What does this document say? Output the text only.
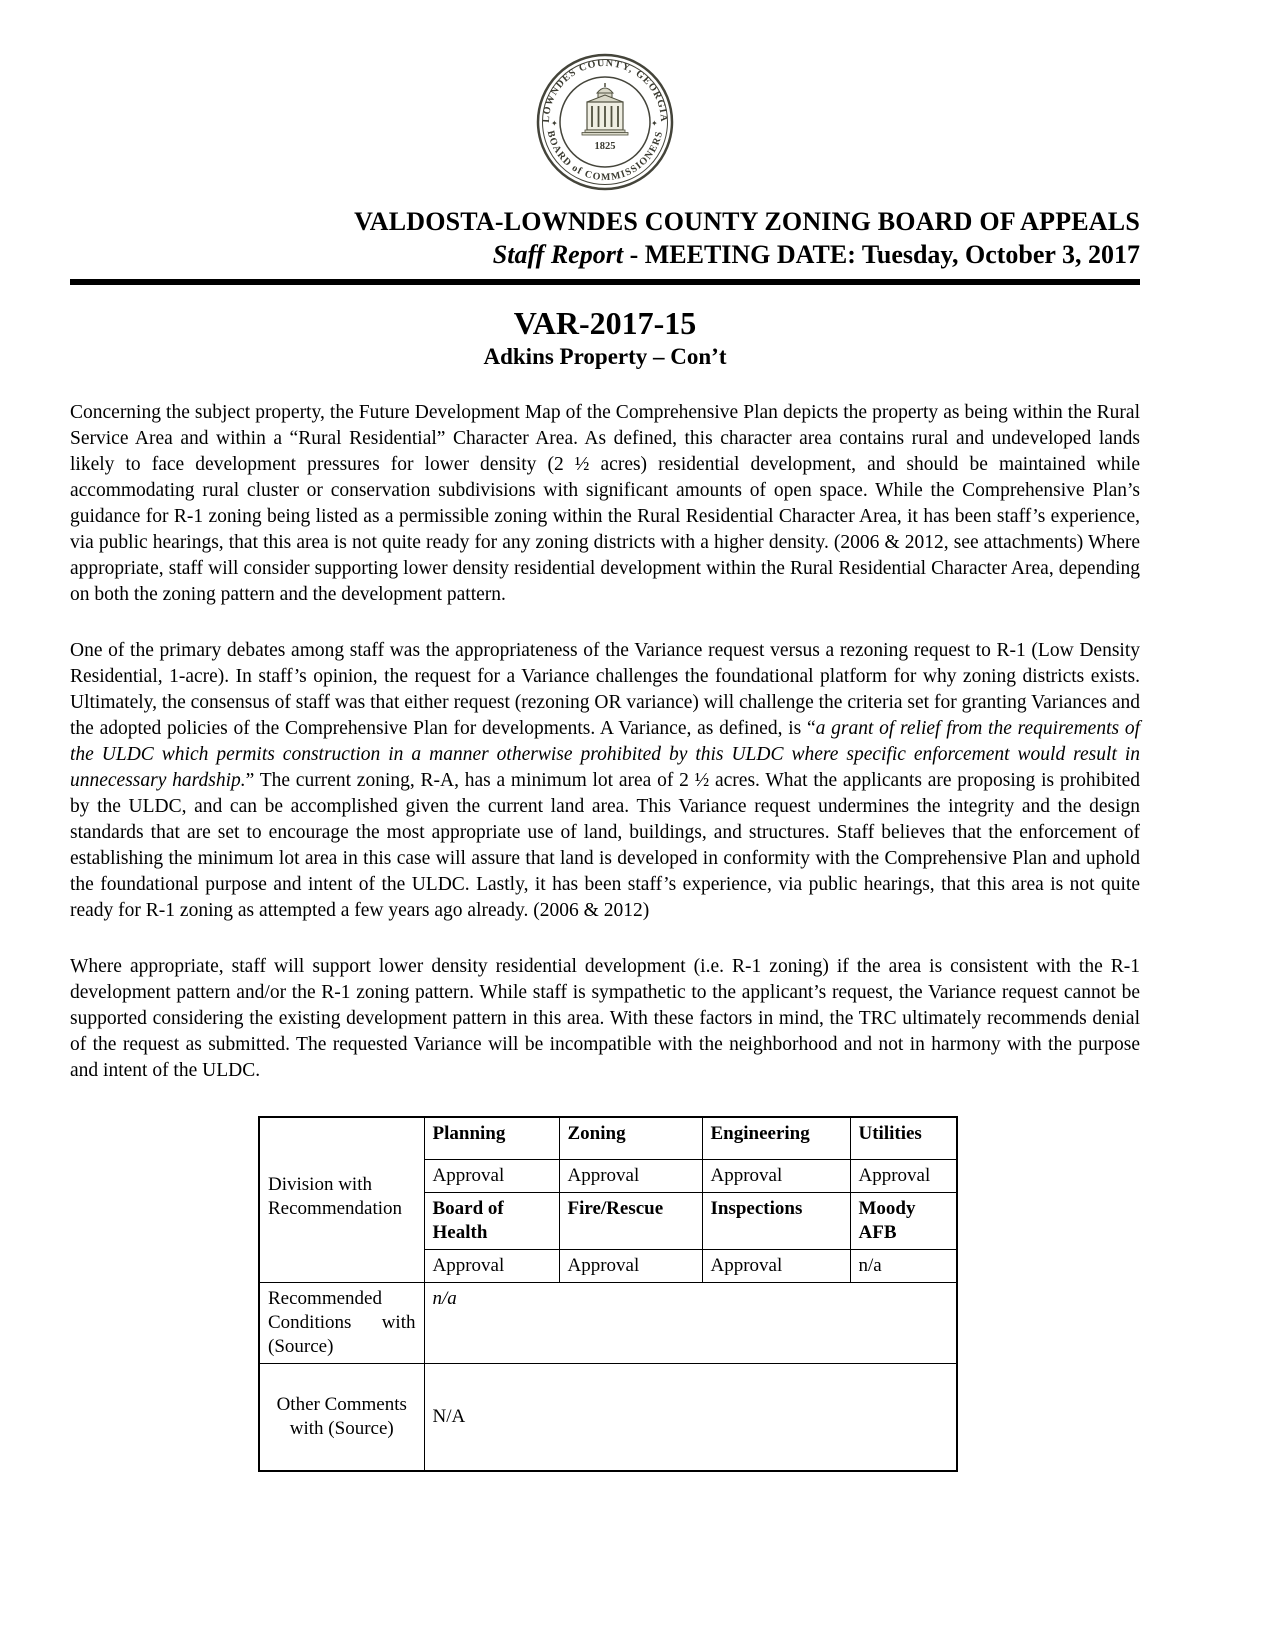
LOWNDES COUNTY, GEORGIA
BOARD of COMMISSIONERS
✦	✦
1825
VALDOSTA-LOWNDES COUNTY ZONING BOARD OF APPEALS
Staff Report - MEETING DATE: Tuesday, October 3, 2017
VAR-2017-15
Adkins Property – Con’t

Concerning the subject property, the Future Development Map of the Comprehensive Plan depicts the property as being within the Rural Service Area and within a “Rural Residential” Character Area. As defined, this character area contains rural and undeveloped lands likely to face development pressures for lower density (2 ½ acres) residential development, and should be maintained while accommodating rural cluster or conservation subdivisions with significant amounts of open space. While the Comprehensive Plan’s guidance for R-1 zoning being listed as a permissible zoning within the Rural Residential Character Area, it has been staff’s experience, via public hearings, that this area is not quite ready for any zoning districts with a higher density. (2006 & 2012, see attachments) Where appropriate, staff will consider supporting lower density residential development within the Rural Residential Character Area, depending on both the zoning pattern and the development pattern.

One of the primary debates among staff was the appropriateness of the Variance request versus a rezoning request to R-1 (Low Density Residential, 1-acre). In staff’s opinion, the request for a Variance challenges the foundational platform for why zoning districts exists. Ultimately, the consensus of staff was that either request (rezoning OR variance) will challenge the criteria set for granting Variances and the adopted policies of the Comprehensive Plan for developments. A Variance, as defined, is “a grant of relief from the requirements of the ULDC which permits construction in a manner otherwise prohibited by this ULDC where specific enforcement would result in unnecessary hardship.” The current zoning, R-A, has a minimum lot area of 2 ½ acres. What the applicants are proposing is prohibited by the ULDC, and can be accomplished given the current land area. This Variance request undermines the integrity and the design standards that are set to encourage the most appropriate use of land, buildings, and structures. Staff believes that the enforcement of establishing the minimum lot area in this case will assure that land is developed in conformity with the Comprehensive Plan and uphold the foundational purpose and intent of the ULDC. Lastly, it has been staff’s experience, via public hearings, that this area is not quite ready for R-1 zoning as attempted a few years ago already. (2006 & 2012)

Where appropriate, staff will support lower density residential development (i.e. R-1 zoning) if the area is consistent with the R-1 development pattern and/or the R-1 zoning pattern. While staff is sympathetic to the applicant’s request, the Variance request cannot be supported considering the existing development pattern in this area. With these factors in mind, the TRC ultimately recommends denial of the request as submitted. The requested Variance will be incompatible with the neighborhood and not in harmony with the purpose and intent of the ULDC.

Division with Recommendation	Planning	Zoning	Engineering	Utilities
	Approval	Approval	Approval	Approval
	Board of Health	Fire/Rescue	Inspections	Moody AFB
	Approval	Approval	Approval	n/a
Recommended Conditions with (Source)	n/a			
Other Comments with (Source)	N/A			
